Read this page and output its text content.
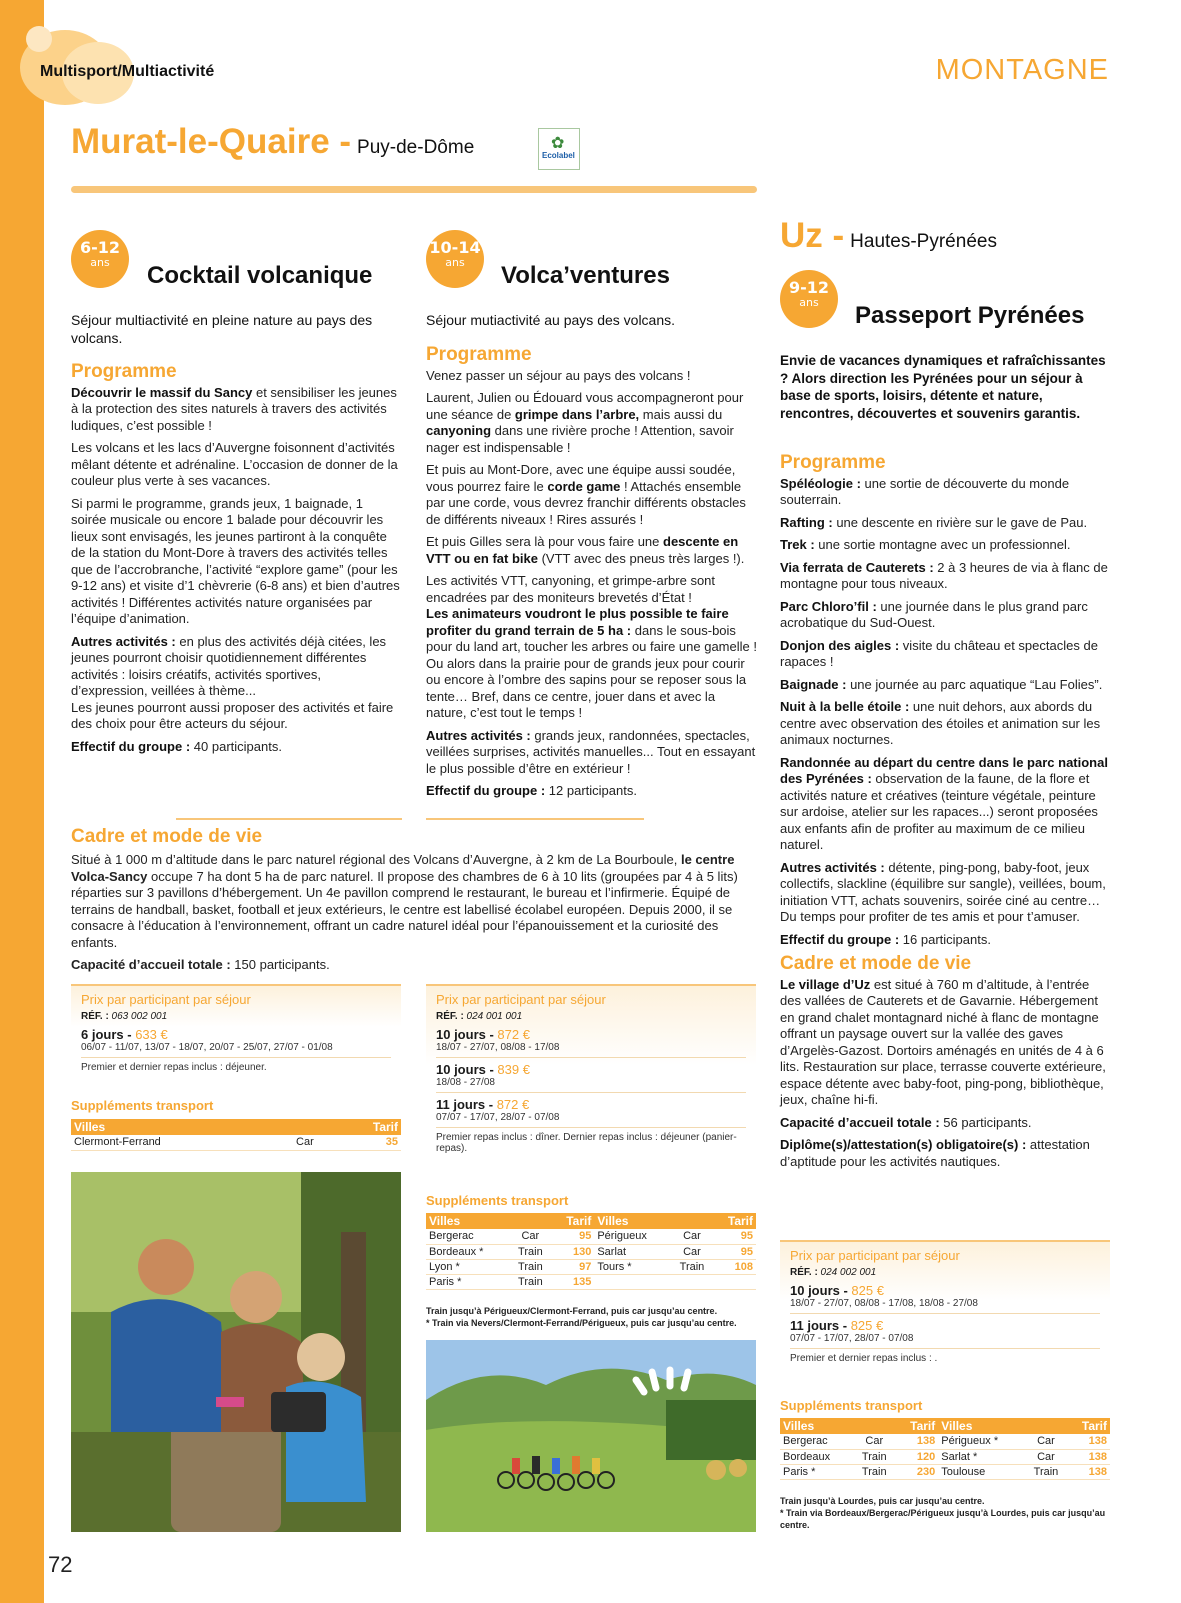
Multisport/Multiactivité	MONTAGNE
Murat-le-Quaire - Puy-de-Dôme	✿
Ecolabel
6-12
ans	Cocktail volcanique
Séjour multiactivité en pleine nature au pays des volcans.
Programme

Découvrir le massif du Sancy et sensibiliser les jeunes à la protection des sites naturels à travers des activités ludiques, c’est possible !

Les volcans et les lacs d’Auvergne foisonnent d’activités mêlant détente et adrénaline. L’occasion de donner de la couleur plus verte à ses vacances.

Si parmi le programme, grands jeux, 1 baignade, 1 soirée musicale ou encore 1 balade pour découvrir les lieux sont envisagés, les jeunes partiront à la conquête de la station du Mont-Dore à travers des activités telles que de l’accrobranche, l’activité “explore game” (pour les 9-12 ans) et visite d’1 chèvrerie (6-8 ans) et bien d’autres activités ! Différentes activités nature organisées par l’équipe d’animation.

Autres activités : en plus des activités déjà citées, les jeunes pourront choisir quotidiennement différentes activités : loisirs créatifs, activités sportives, d’expression, veillées à thème...

Les jeunes pourront aussi proposer des activités et faire des choix pour être acteurs du séjour.

Effectif du groupe : 40 participants.

10-14
ans	Volca’ventures
Séjour mutiactivité au pays des volcans.
Programme

Venez passer un séjour au pays des volcans !

Laurent, Julien ou Édouard vous accompagneront pour une séance de grimpe dans l’arbre, mais aussi du canyoning dans une rivière proche ! Attention, savoir nager est indispensable !

Et puis au Mont-Dore, avec une équipe aussi soudée, vous pourrez faire le corde game ! Attachés ensemble par une corde, vous devrez franchir différents obstacles de différents niveaux ! Rires assurés !

Et puis Gilles sera là pour vous faire une descente en VTT ou en fat bike (VTT avec des pneus très larges !).

Les activités VTT, canyoning, et grimpe-arbre sont encadrées par des moniteurs brevetés d’État !

Les animateurs voudront le plus possible te faire profiter du grand terrain de 5 ha : dans le sous-bois pour du land art, toucher les arbres ou faire une gamelle ! Ou alors dans la prairie pour de grands jeux pour courir ou encore à l’ombre des sapins pour se reposer sous la tente… Bref, dans ce centre, jouer dans et avec la nature, c’est tout le temps !

Autres activités : grands jeux, randonnées, spectacles, veillées surprises, activités manuelles... Tout en essayant le plus possible d’être en extérieur !

Effectif du groupe : 12 participants.

Cadre et mode de vie

Situé à 1 000 m d’altitude dans le parc naturel régional des Volcans d’Auvergne, à 2 km de La Bourboule, le centre Volca-Sancy occupe 7 ha dont 5 ha de parc naturel. Il propose des chambres de 6 à 10 lits (groupées par 4 à 5 lits) réparties sur 3 pavillons d’hébergement. Un 4e pavillon comprend le restaurant, le bureau et l’infirmerie. Équipé de terrains de handball, basket, football et jeux extérieurs, le centre est labellisé écolabel européen. Depuis 2000, il se consacre à l’éducation à l’environnement, offrant un cadre naturel idéal pour l’épanouissement et la curiosité des enfants.

Capacité d’accueil totale : 150 participants.

Prix par participant par séjour
RÉF. : 063 002 001
6 jours - 633 €
06/07 - 11/07, 13/07 - 18/07, 20/07 - 25/07, 27/07 - 01/08
Premier et dernier repas inclus : déjeuner.
Suppléments transport
Villes		Tarif
Clermont-Ferrand	Car	35
Prix par participant par séjour
RÉF. : 024 001 001
10 jours - 872 €
18/07 - 27/07, 08/08 - 17/08
10 jours - 839 €
18/08 - 27/08
11 jours - 872 €
07/07 - 17/07, 28/07 - 07/08
Premier repas inclus : dîner. Dernier repas inclus : déjeuner (panier-repas).
Suppléments transport
Villes		Tarif	Villes		Tarif
Bergerac	Car	95	Périgueux	Car	95
Bordeaux *	Train	130	Sarlat	Car	95
Lyon *	Train	97	Tours *	Train	108
Paris *	Train	135			
Train jusqu’à Périgueux/Clermont-Ferrand, puis car jusqu’au centre.
* Train via Nevers/Clermont-Ferrand/Périgueux, puis car jusqu’au centre.
Uz - Hautes-Pyrénées
9-12
ans	Passeport Pyrénées
Envie de vacances dynamiques et rafraîchissantes ? Alors direction les Pyrénées pour un séjour à base de sports, loisirs, détente et nature, rencontres, découvertes et souvenirs garantis.
Programme

Spéléologie : une sortie de découverte du monde souterrain.

Rafting : une descente en rivière sur le gave de Pau.

Trek : une sortie montagne avec un professionnel.

Via ferrata de Cauterets : 2 à 3 heures de via à flanc de montagne pour tous niveaux.

Parc Chloro’fil : une journée dans le plus grand parc acrobatique du Sud-Ouest.

Donjon des aigles : visite du château et spectacles de rapaces !

Baignade : une journée au parc aquatique “Lau Folies”.

Nuit à la belle étoile : une nuit dehors, aux abords du centre avec observation des étoiles et animation sur les animaux nocturnes.

Randonnée au départ du centre dans le parc national des Pyrénées : observation de la faune, de la flore et activités nature et créatives (teinture végétale, peinture sur ardoise, atelier sur les rapaces...) seront proposées aux enfants afin de profiter au maximum de ce milieu naturel.

Autres activités : détente, ping-pong, baby-foot, jeux collectifs, slackline (équilibre sur sangle), veillées, boum, initiation VTT, achats souvenirs, soirée ciné au centre… Du temps pour profiter de tes amis et pour t’amuser.

Effectif du groupe : 16 participants.

Cadre et mode de vie

Le village d’Uz est situé à 760 m d’altitude, à l’entrée des vallées de Cauterets et de Gavarnie. Hébergement en grand chalet montagnard niché à flanc de montagne offrant un paysage ouvert sur la vallée des gaves d’Argelès-Gazost. Dortoirs aménagés en unités de 4 à 6 lits. Restauration sur place, terrasse couverte extérieure, espace détente avec baby-foot, ping-pong, bibliothèque, jeux, chaîne hi-fi.

Capacité d’accueil totale : 56 participants.

Diplôme(s)/attestation(s) obligatoire(s) : attestation d’aptitude pour les activités nautiques.

Prix par participant par séjour
RÉF. : 024 002 001
10 jours - 825 €
18/07 - 27/07, 08/08 - 17/08, 18/08 - 27/08
11 jours - 825 €
07/07 - 17/07, 28/07 - 07/08
Premier et dernier repas inclus : .
Suppléments transport
Villes		Tarif	Villes		Tarif
Bergerac	Car	138	Périgueux *	Car	138
Bordeaux	Train	120	Sarlat *	Car	138
Paris *	Train	230	Toulouse	Train	138
Train jusqu’à Lourdes, puis car jusqu’au centre.
* Train via Bordeaux/Bergerac/Périgueux jusqu’à Lourdes, puis car jusqu’au centre.
72
